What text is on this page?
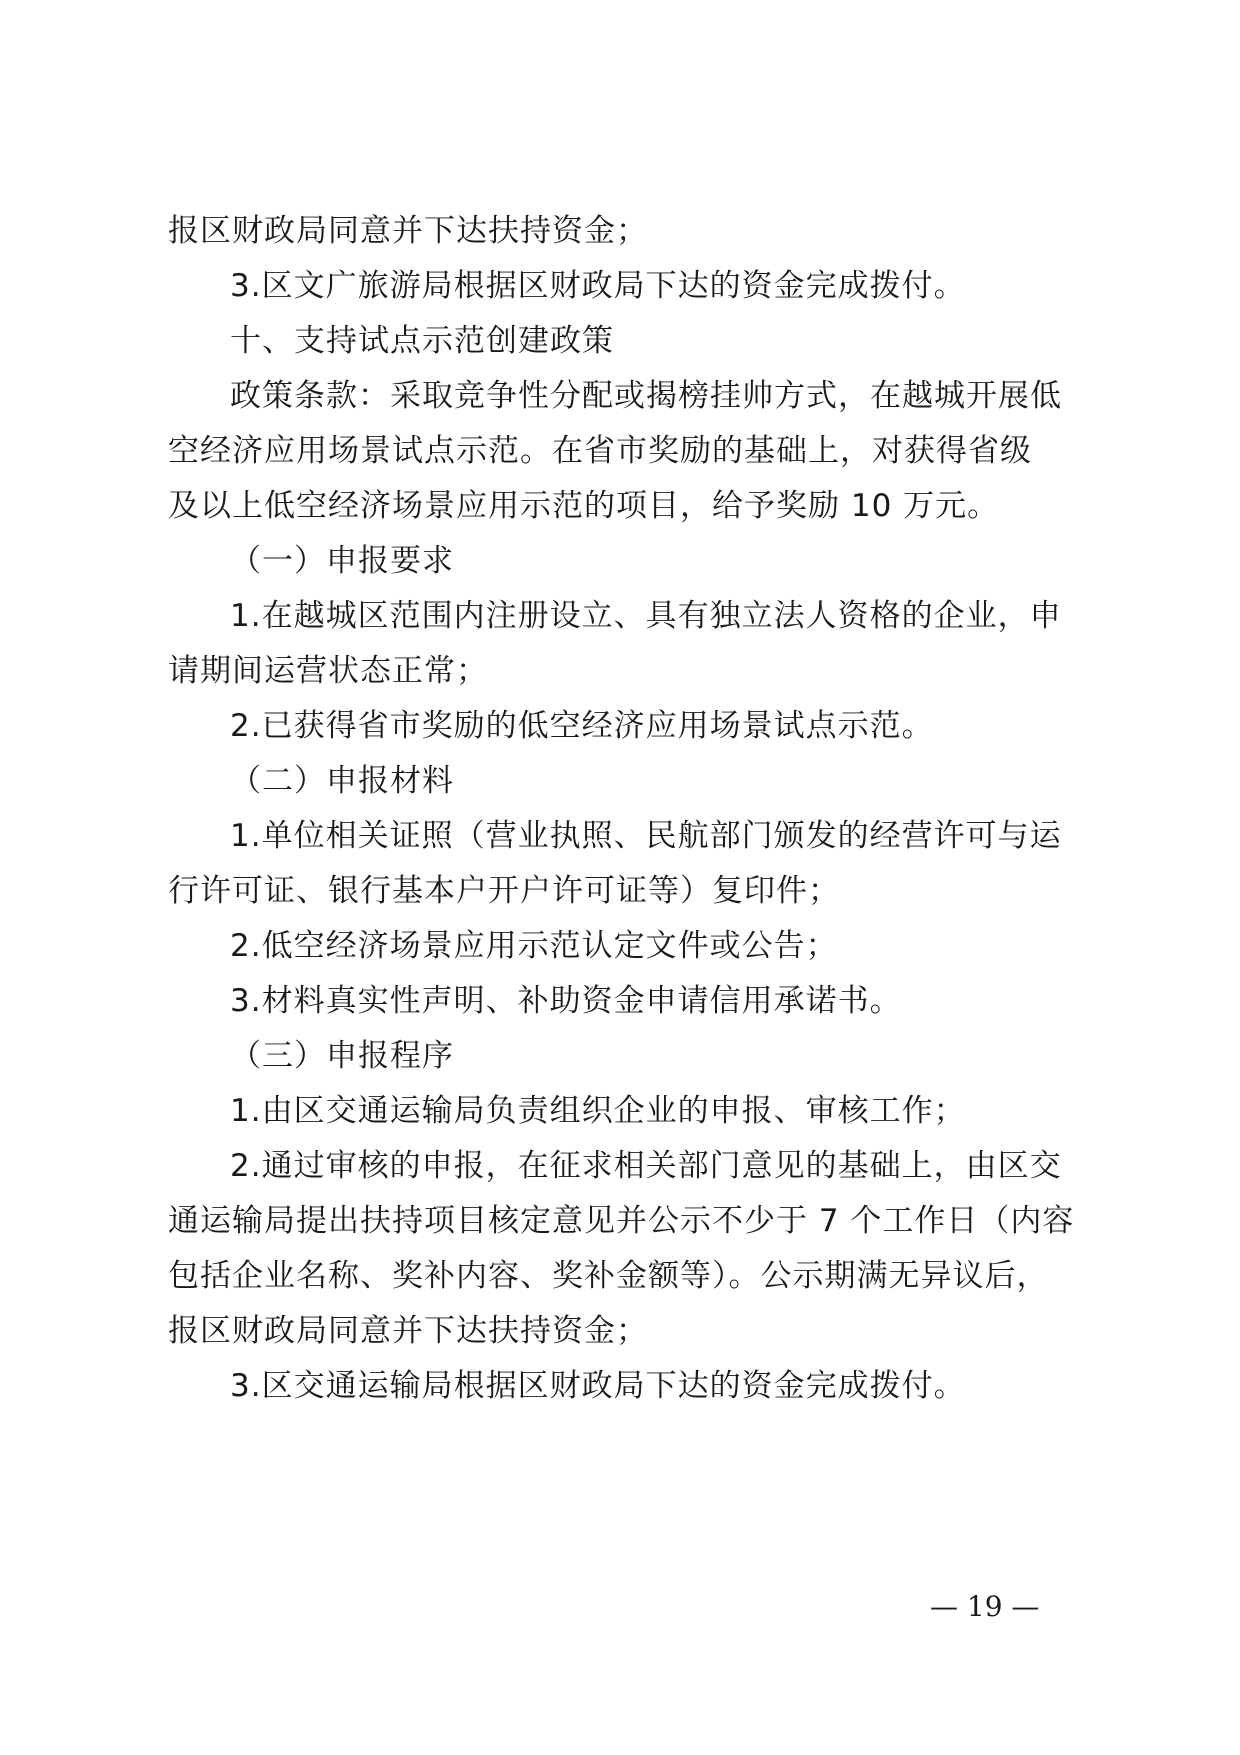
报区财政局同意并下达扶持资金；
3.区文广旅游局根据区财政局下达的资金完成拨付。
十、支持试点示范创建政策
政策条款：采取竞争性分配或揭榜挂帅方式，在越城开展低
空经济应用场景试点示范。在省市奖励的基础上，对获得省级
及以上低空经济场景应用示范的项目，给予奖励 10 万元。
（一）申报要求
1.在越城区范围内注册设立、具有独立法人资格的企业，申
请期间运营状态正常；
2.已获得省市奖励的低空经济应用场景试点示范。
（二）申报材料
1.单位相关证照（营业执照、民航部门颁发的经营许可与运
行许可证、银行基本户开户许可证等）复印件；
2.低空经济场景应用示范认定文件或公告；
3.材料真实性声明、补助资金申请信用承诺书。
（三）申报程序
1.由区交通运输局负责组织企业的申报、审核工作；
2.通过审核的申报，在征求相关部门意见的基础上，由区交
通运输局提出扶持项目核定意见并公示不少于 7 个工作日（内容
包括企业名称、奖补内容、奖补金额等）。公示期满无异议后，
报区财政局同意并下达扶持资金；
3.区交通运输局根据区财政局下达的资金完成拨付。
— 19 —
